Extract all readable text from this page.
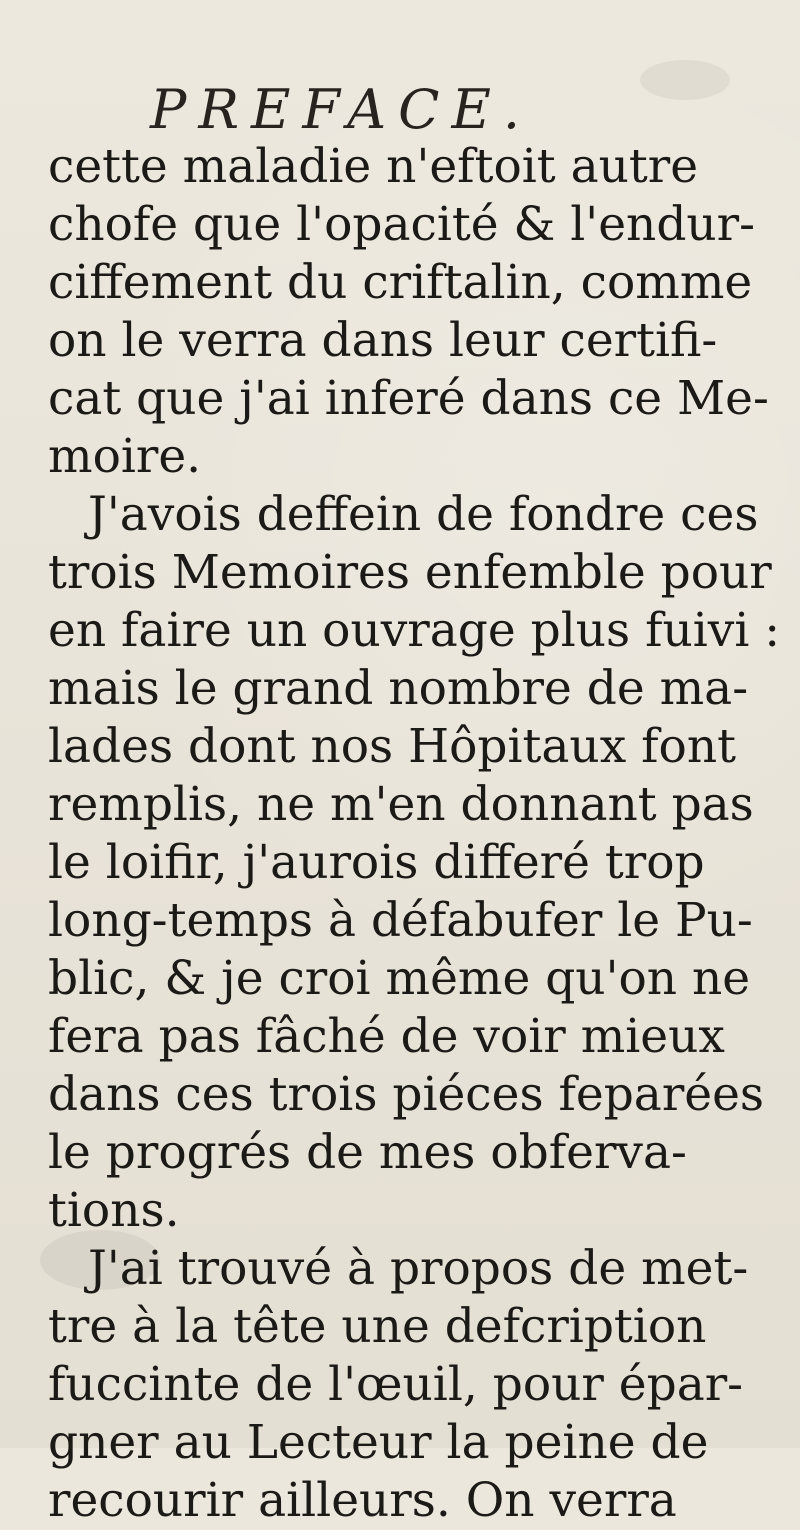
PREFACE.
cette maladie n'eftoit autre
chofe que l'opacité & l'endur-
ciffement du criftalin, comme
on le verra dans leur certifi-
cat que j'ai inferé dans ce Me-
moire.
J'avois deffein de fondre ces
trois Memoires enfemble pour
en faire un ouvrage plus fuivi :
mais le grand nombre de ma-
lades dont nos Hôpitaux font
remplis, ne m'en donnant pas
le loifir, j'aurois differé trop
long-temps à défabufer le Pu-
blic, & je croi même qu'on ne
fera pas fâché de voir mieux
dans ces trois piéces feparées
le progrés de mes obferva-
tions.
J'ai trouvé à propos de met-
tre à la tête une defcription
fuccinte de l'œuil, pour épar-
gner au Lecteur la peine de
recourir ailleurs. On verra
